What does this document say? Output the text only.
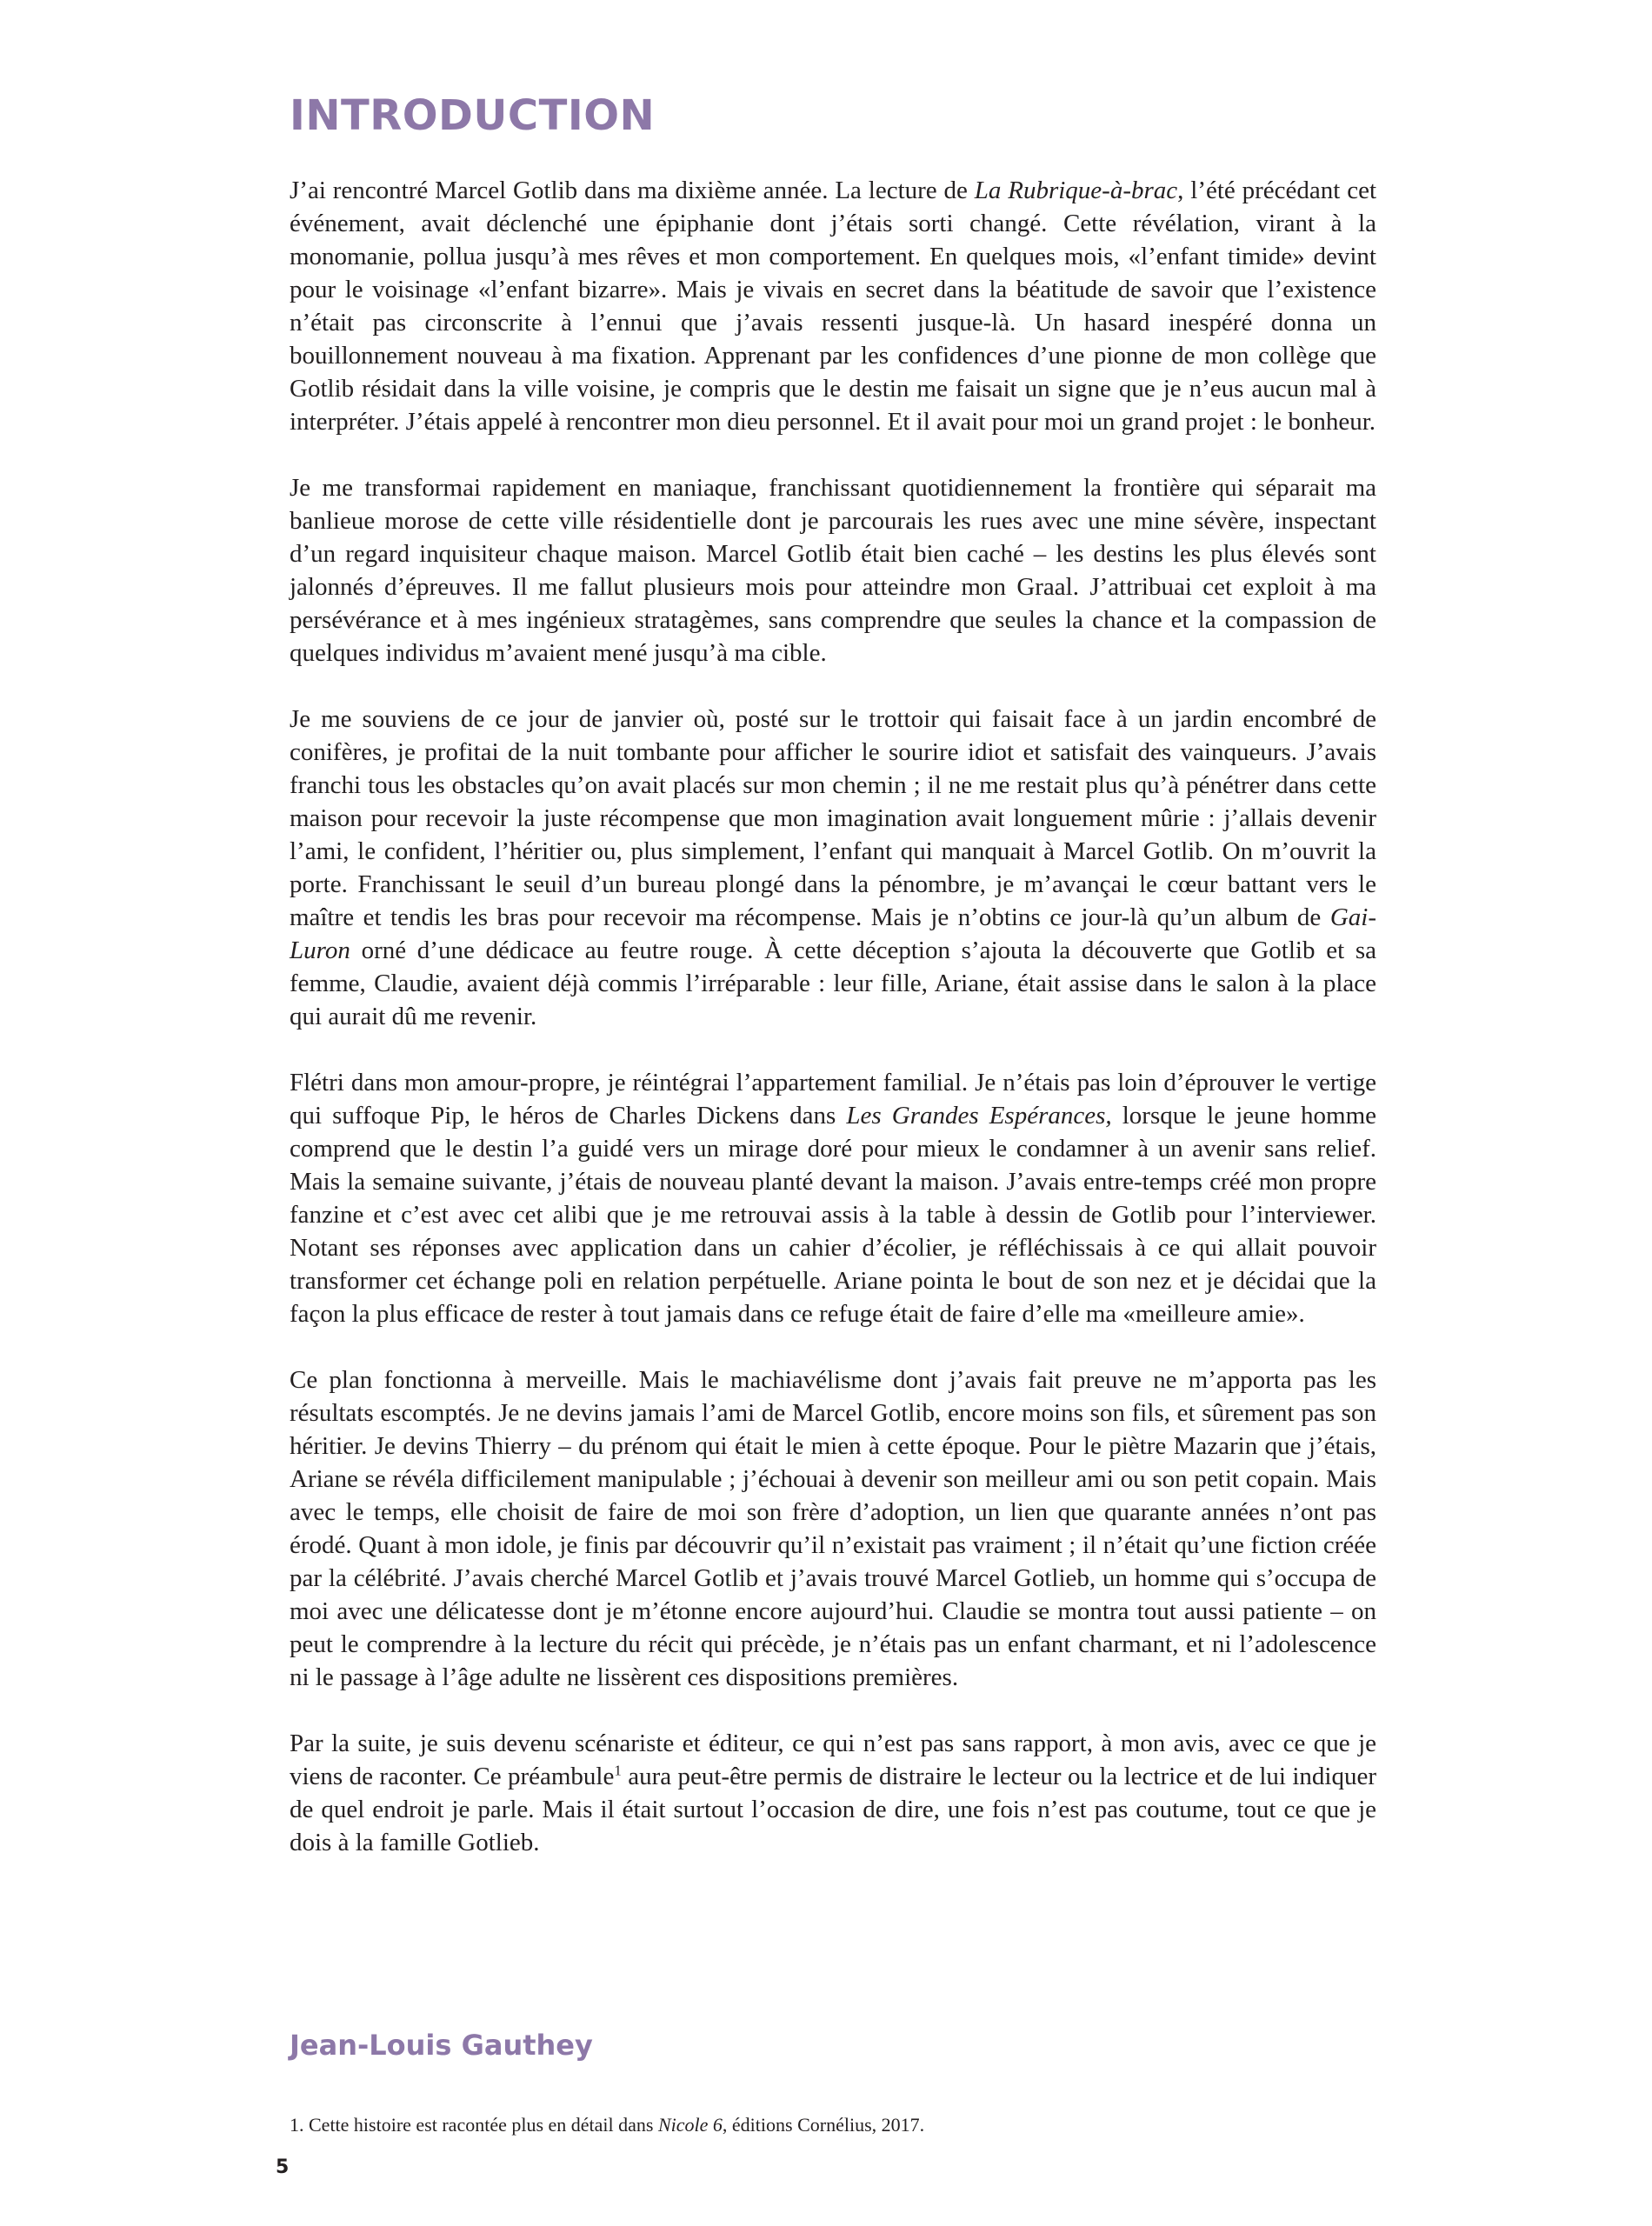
INTRODUCTION

J’ai rencontré Marcel Gotlib dans ma dixième année. La lecture de La Rubrique-à-brac, l’été précédant cet événement, avait déclenché une épiphanie dont j’étais sorti changé. Cette révélation, virant à la monomanie, pollua jusqu’à mes rêves et mon comportement. En quelques mois, «l’enfant timide» devint pour le voisinage «l’enfant bizarre». Mais je vivais en secret dans la béatitude de savoir que l’existence n’était pas circonscrite à l’ennui que j’avais ressenti jusque-là. Un hasard inespéré donna un bouillonnement nouveau à ma fixation. Apprenant par les confidences d’une pionne de mon collège que Gotlib résidait dans la ville voisine, je compris que le destin me faisait un signe que je n’eus aucun mal à interpréter. J’étais appelé à rencontrer mon dieu personnel. Et il avait pour moi un grand projet : le bonheur.

Je me transformai rapidement en maniaque, franchissant quotidiennement la frontière qui séparait ma banlieue morose de cette ville résidentielle dont je parcourais les rues avec une mine sévère, inspectant d’un regard inquisiteur chaque maison. Marcel Gotlib était bien caché – les destins les plus élevés sont jalonnés d’épreuves. Il me fallut plusieurs mois pour atteindre mon Graal. J’attribuai cet exploit à ma persévérance et à mes ingénieux stratagèmes, sans comprendre que seules la chance et la compassion de quelques individus m’avaient mené jusqu’à ma cible.

Je me souviens de ce jour de janvier où, posté sur le trottoir qui faisait face à un jardin encombré de conifères, je profitai de la nuit tombante pour afficher le sourire idiot et satisfait des vainqueurs. J’avais franchi tous les obstacles qu’on avait placés sur mon chemin ; il ne me restait plus qu’à pénétrer dans cette maison pour recevoir la juste récompense que mon imagination avait longuement mûrie : j’allais devenir l’ami, le confident, l’héritier ou, plus simplement, l’enfant qui manquait à Marcel Gotlib. On m’ouvrit la porte. Franchissant le seuil d’un bureau plongé dans la pénombre, je m’avançai le cœur battant vers le maître et tendis les bras pour recevoir ma récompense. Mais je n’obtins ce jour-là qu’un album de Gai-Luron orné d’une dédicace au feutre rouge. À cette déception s’ajouta la découverte que Gotlib et sa femme, Claudie, avaient déjà commis l’irréparable : leur fille, Ariane, était assise dans le salon à la place qui aurait dû me revenir.

Flétri dans mon amour-propre, je réintégrai l’appartement familial. Je n’étais pas loin d’éprouver le vertige qui suffoque Pip, le héros de Charles Dickens dans Les Grandes Espérances, lorsque le jeune homme comprend que le destin l’a guidé vers un mirage doré pour mieux le condamner à un avenir sans relief. Mais la semaine suivante, j’étais de nouveau planté devant la maison. J’avais entre-temps créé mon propre fanzine et c’est avec cet alibi que je me retrouvai assis à la table à dessin de Gotlib pour l’interviewer. Notant ses réponses avec application dans un cahier d’écolier, je réfléchissais à ce qui allait pouvoir transformer cet échange poli en relation perpétuelle. Ariane pointa le bout de son nez et je décidai que la façon la plus efficace de rester à tout jamais dans ce refuge était de faire d’elle ma «meilleure amie».

Ce plan fonctionna à merveille. Mais le machiavélisme dont j’avais fait preuve ne m’apporta pas les résultats escomptés. Je ne devins jamais l’ami de Marcel Gotlib, encore moins son fils, et sûrement pas son héritier. Je devins Thierry – du prénom qui était le mien à cette époque. Pour le piètre Mazarin que j’étais, Ariane se révéla difficilement manipulable ; j’échouai à devenir son meilleur ami ou son petit copain. Mais avec le temps, elle choisit de faire de moi son frère d’adoption, un lien que quarante années n’ont pas érodé. Quant à mon idole, je finis par découvrir qu’il n’existait pas vraiment ; il n’était qu’une fiction créée par la célébrité. J’avais cherché Marcel Gotlib et j’avais trouvé Marcel Gotlieb, un homme qui s’occupa de moi avec une délicatesse dont je m’étonne encore aujourd’hui. Claudie se montra tout aussi patiente – on peut le comprendre à la lecture du récit qui précède, je n’étais pas un enfant charmant, et ni l’adolescence ni le passage à l’âge adulte ne lissèrent ces dispositions premières.

Par la suite, je suis devenu scénariste et éditeur, ce qui n’est pas sans rapport, à mon avis, avec ce que je viens de raconter. Ce préambule$^1$ aura peut-être permis de distraire le lecteur ou la lectrice et de lui indiquer de quel endroit je parle. Mais il était surtout l’occasion de dire, une fois n’est pas coutume, tout ce que je dois à la famille Gotlieb.

Jean-Louis Gauthey
1. Cette histoire est racontée plus en détail dans Nicole 6, éditions Cornélius, 2017.
5
